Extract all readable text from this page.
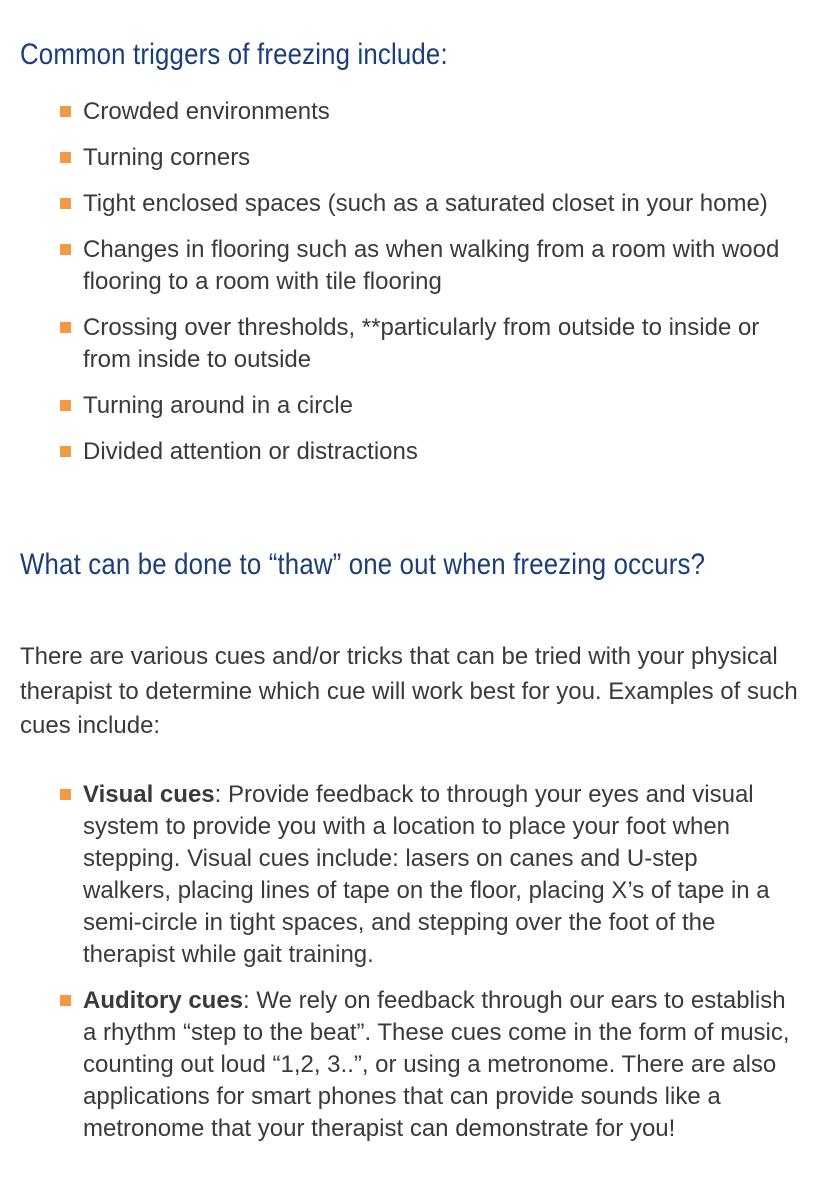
Common triggers of freezing include:
Crowded environments
Turning corners
Tight enclosed spaces (such as a saturated closet in your home)
Changes in flooring such as when walking from a room with wood flooring to a room with tile flooring
Crossing over thresholds, **particularly from outside to inside or from inside to outside
Turning around in a circle
Divided attention or distractions
What can be done to “thaw” one out when freezing occurs?

There are various cues and/or tricks that can be tried with your physical therapist to determine which cue will work best for you. Examples of such cues include:

Visual cues: Provide feedback to through your eyes and visual system to provide you with a location to place your foot when stepping. Visual cues include: lasers on canes and U-step walkers, placing lines of tape on the floor, placing X’s of tape in a semi-circle in tight spaces, and stepping over the foot of the therapist while gait training.
Auditory cues: We rely on feedback through our ears to establish a rhythm “step to the beat”. These cues come in the form of music, counting out loud “1,2, 3..”, or using a metronome. There are also applications for smart phones that can provide sounds like a metronome that your therapist can demonstrate for you!
